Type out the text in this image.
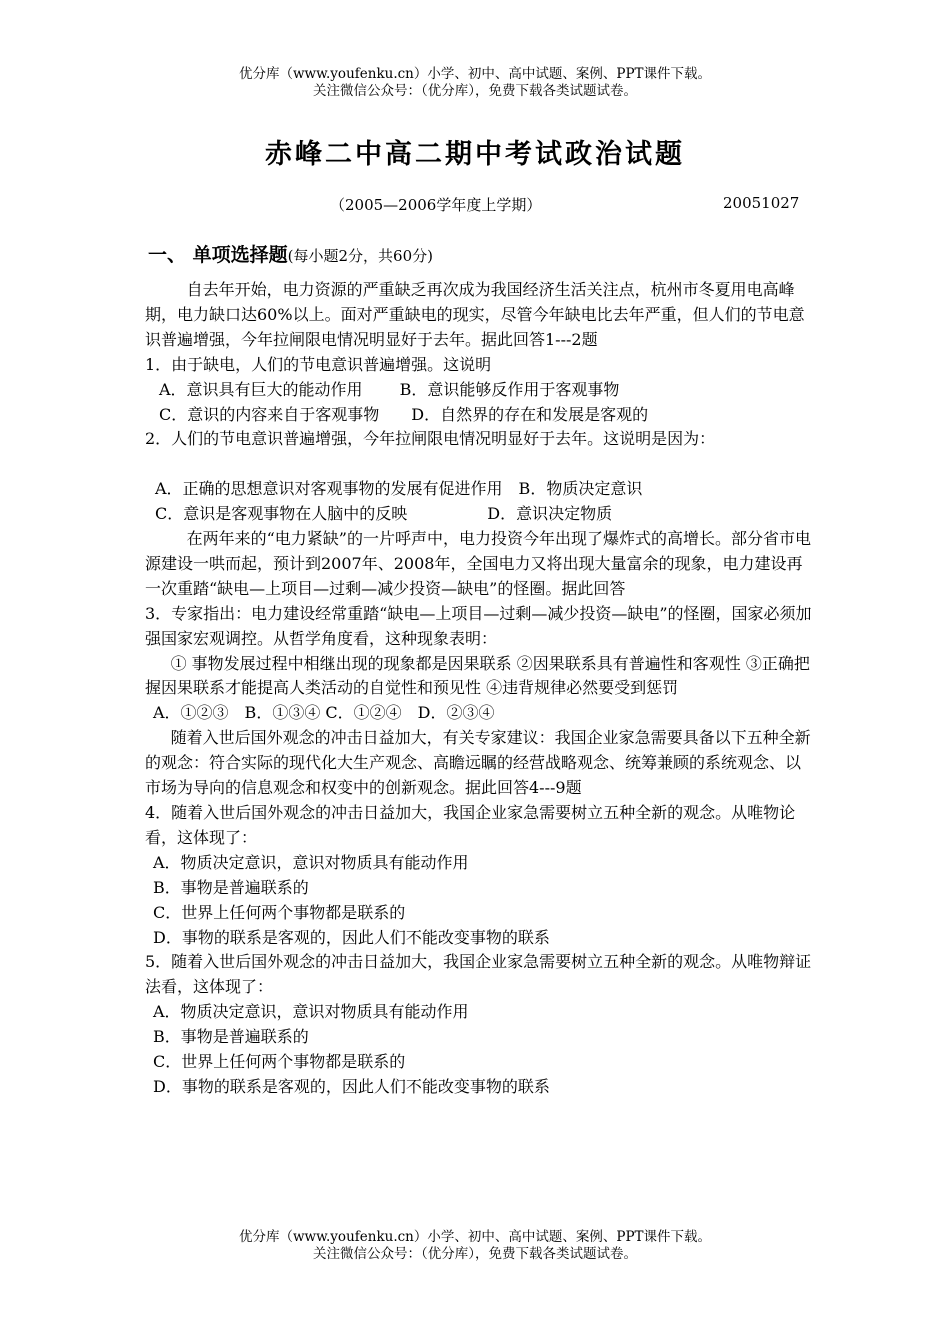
优分库（www.youfenku.cn）小学、初中、高中试题、案例、PPT课件下载。
关注微信公众号：（优分库），免费下载各类试题试卷。
赤峰二中高二期中考试政治试题
（2005—2006学年度上学期）	20051027
一、 单项选择题(每小题2分，共60分)

自去年开始，电力资源的严重缺乏再次成为我国经济生活关注点，杭州市冬夏用电高峰期，电力缺口达60%以上。面对严重缺电的现实，尽管今年缺电比去年严重，但人们的节电意识普遍增强，今年拉闸限电情况明显好于去年。据此回答1---2题

1．由于缺电，人们的节电意识普遍增强。这说明

A．意识具有巨大的能动作用　　 B．意识能够反作用于客观事物

C．意识的内容来自于客观事物　　D．自然界的存在和发展是客观的

2．人们的节电意识普遍增强，今年拉闸限电情况明显好于去年。这说明是因为：

A．正确的思想意识对客观事物的发展有促进作用　B．物质决定意识

C．意识是客观事物在人脑中的反映　　　　　D．意识决定物质

在两年来的“电力紧缺”的一片呼声中，电力投资今年出现了爆炸式的高增长。部分省市电源建设一哄而起，预计到2007年、2008年，全国电力又将出现大量富余的现象，电力建设再一次重踏“缺电—上项目—过剩—减少投资—缺电”的怪圈。据此回答

3．专家指出：电力建设经常重踏“缺电—上项目—过剩—减少投资—缺电”的怪圈，国家必须加强国家宏观调控。从哲学角度看，这种现象表明：

① 事物发展过程中相继出现的现象都是因果联系 ②因果联系具有普遍性和客观性 ③正确把握因果联系才能提高人类活动的自觉性和预见性 ④违背规律必然要受到惩罚

A．①②③　B．①③④ C．①②④　D．②③④

随着入世后国外观念的冲击日益加大，有关专家建议：我国企业家急需要具备以下五种全新的观念：符合实际的现代化大生产观念、高瞻远瞩的经营战略观念、统筹兼顾的系统观念、以市场为导向的信息观念和权变中的创新观念。据此回答4---9题

4．随着入世后国外观念的冲击日益加大，我国企业家急需要树立五种全新的观念。从唯物论看，这体现了：

A．物质决定意识，意识对物质具有能动作用

B．事物是普遍联系的

C．世界上任何两个事物都是联系的

D．事物的联系是客观的，因此人们不能改变事物的联系

5．随着入世后国外观念的冲击日益加大，我国企业家急需要树立五种全新的观念。从唯物辩证法看，这体现了：

A．物质决定意识，意识对物质具有能动作用

B．事物是普遍联系的

C．世界上任何两个事物都是联系的

D．事物的联系是客观的，因此人们不能改变事物的联系

优分库（www.youfenku.cn）小学、初中、高中试题、案例、PPT课件下载。
关注微信公众号：（优分库），免费下载各类试题试卷。
